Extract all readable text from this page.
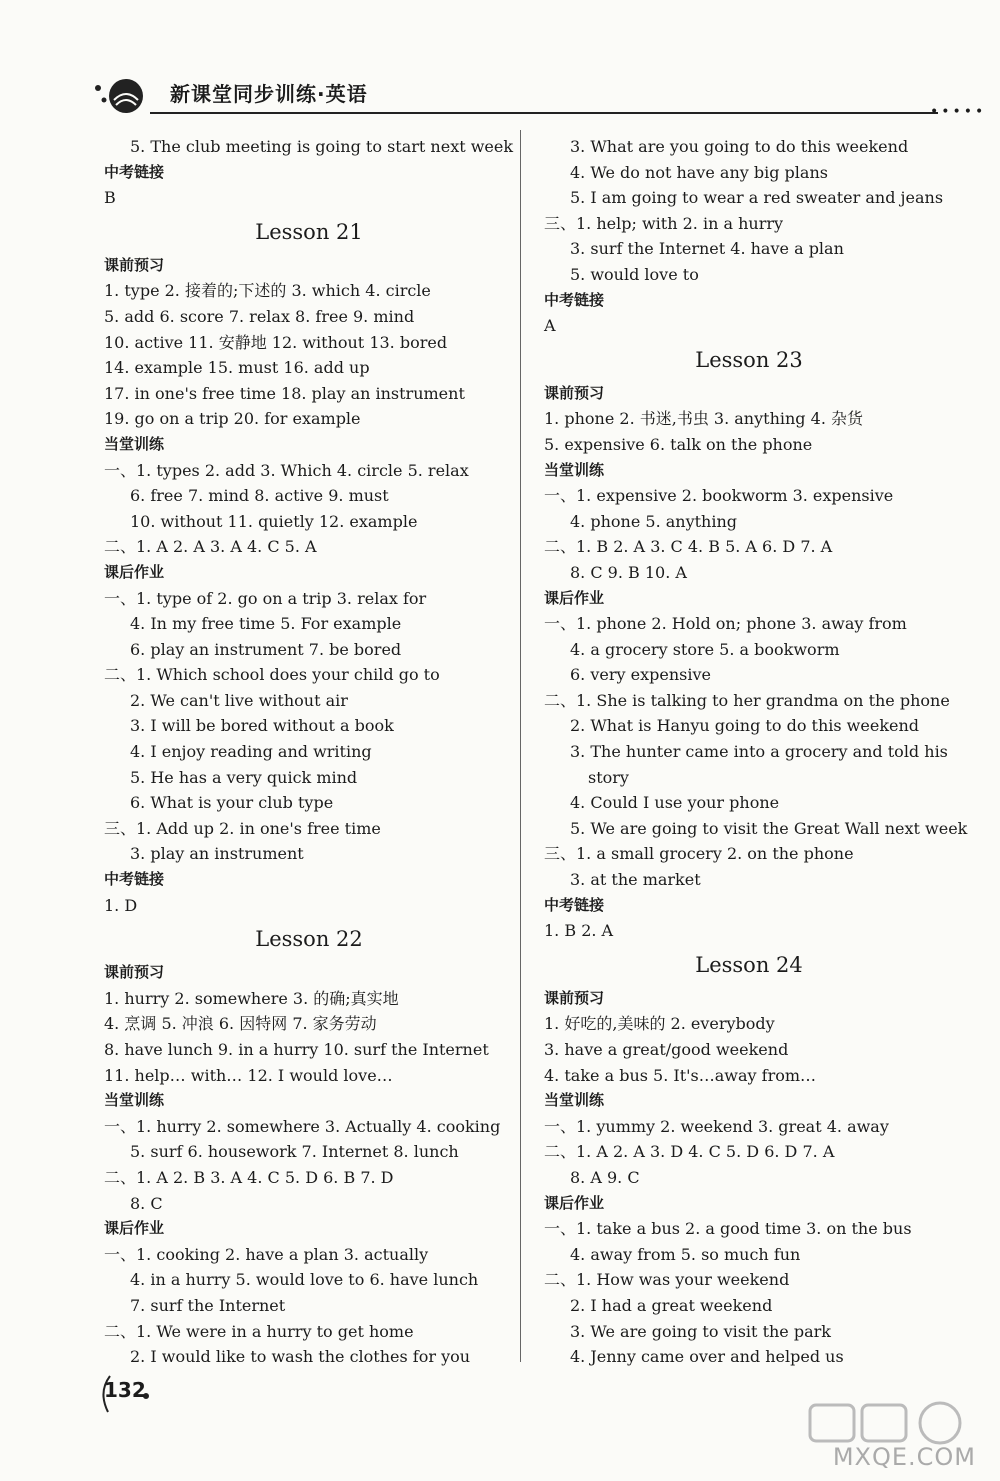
新课堂同步训练·英语
•••••
5. The club meeting is going to start next week
中考链接
B
Lesson 21
课前预习
1. type 2. 接着的;下述的 3. which 4. circle
5. add 6. score 7. relax 8. free 9. mind
10. active 11. 安静地 12. without 13. bored
14. example 15. must 16. add up
17. in one's free time 18. play an instrument
19. go on a trip 20. for example
当堂训练
一、1. types 2. add 3. Which 4. circle 5. relax
6. free 7. mind 8. active 9. must
10. without 11. quietly 12. example
二、1. A 2. A 3. A 4. C 5. A
课后作业
一、1. type of 2. go on a trip 3. relax for
4. In my free time 5. For example
6. play an instrument 7. be bored
二、1. Which school does your child go to
2. We can't live without air
3. I will be bored without a book
4. I enjoy reading and writing
5. He has a very quick mind
6. What is your club type
三、1. Add up 2. in one's free time
3. play an instrument
中考链接
1. D
Lesson 22
课前预习
1. hurry 2. somewhere 3. 的确;真实地
4. 烹调 5. 冲浪 6. 因特网 7. 家务劳动
8. have lunch 9. in a hurry 10. surf the Internet
11. help… with… 12. I would love…
当堂训练
一、1. hurry 2. somewhere 3. Actually 4. cooking
5. surf 6. housework 7. Internet 8. lunch
二、1. A 2. B 3. A 4. C 5. D 6. B 7. D
8. C
课后作业
一、1. cooking 2. have a plan 3. actually
4. in a hurry 5. would love to 6. have lunch
7. surf the Internet
二、1. We were in a hurry to get home
2. I would like to wash the clothes for you
3. What are you going to do this weekend
4. We do not have any big plans
5. I am going to wear a red sweater and jeans
三、1. help; with 2. in a hurry
3. surf the Internet 4. have a plan
5. would love to
中考链接
A
Lesson 23
课前预习
1. phone 2. 书迷,书虫 3. anything 4. 杂货
5. expensive 6. talk on the phone
当堂训练
一、1. expensive 2. bookworm 3. expensive
4. phone 5. anything
二、1. B 2. A 3. C 4. B 5. A 6. D 7. A
8. C 9. B 10. A
课后作业
一、1. phone 2. Hold on; phone 3. away from
4. a grocery store 5. a bookworm
6. very expensive
二、1. She is talking to her grandma on the phone
2. What is Hanyu going to do this weekend
3. The hunter came into a grocery and told his
story
4. Could I use your phone
5. We are going to visit the Great Wall next week
三、1. a small grocery 2. on the phone
3. at the market
中考链接
1. B 2. A
Lesson 24
课前预习
1. 好吃的,美味的 2. everybody
3. have a great/good weekend
4. take a bus 5. It's…away from…
当堂训练
一、1. yummy 2. weekend 3. great 4. away
二、1. A 2. A 3. D 4. C 5. D 6. D 7. A
8. A 9. C
课后作业
一、1. take a bus 2. a good time 3. on the bus
4. away from 5. so much fun
二、1. How was your weekend
2. I had a great weekend
3. We are going to visit the park
4. Jenny came over and helped us
132
MXQE.COM
